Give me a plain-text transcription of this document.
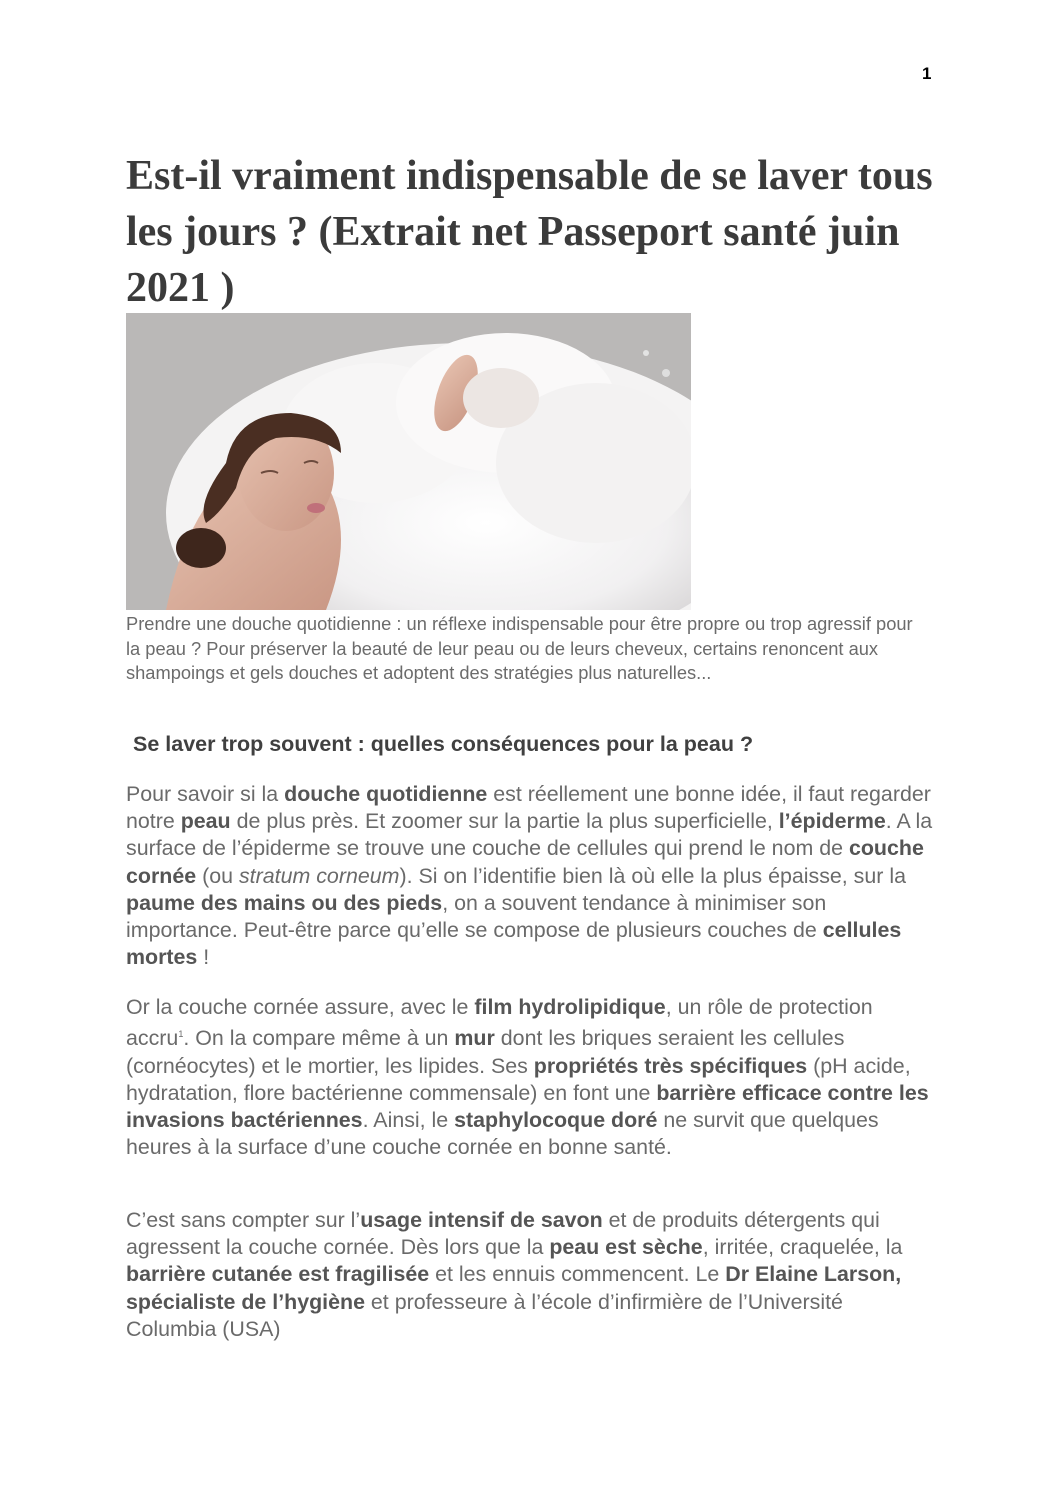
1
Est-il vraiment indispensable de se laver tous les jours ? (Extrait net Passeport santé juin 2021 )

Prendre une douche quotidienne : un réflexe indispensable pour être propre ou trop agressif pour la peau ? Pour préserver la beauté de leur peau ou de leurs cheveux, certains renoncent aux shampoings et gels douches et adoptent des stratégies plus naturelles...

Se laver trop souvent : quelles conséquences pour la peau ?

Pour savoir si la douche quotidienne est réellement une bonne idée, il faut regarder notre peau de plus près. Et zoomer sur la partie la plus superficielle, l’épiderme. A la surface de l’épiderme se trouve une couche de cellules qui prend le nom de couche cornée (ou stratum corneum). Si on l’identifie bien là où elle la plus épaisse, sur la paume des mains ou des pieds, on a souvent tendance à minimiser son importance. Peut-être parce qu’elle se compose de plusieurs couches de cellules mortes !

Or la couche cornée assure, avec le film hydrolipidique, un rôle de protection accru$^1$. On la compare même à un mur dont les briques seraient les cellules (cornéocytes) et le mortier, les lipides. Ses propriétés très spécifiques (pH acide, hydratation, flore bactérienne commensale) en font une barrière efficace contre les invasions bactériennes. Ainsi, le staphylocoque doré ne survit que quelques heures à la surface d’une couche cornée en bonne santé.

C’est sans compter sur l’usage intensif de savon et de produits détergents qui agressent la couche cornée. Dès lors que la peau est sèche, irritée, craquelée, la barrière cutanée est fragilisée et les ennuis commencent. Le Dr Elaine Larson, spécialiste de l’hygiène et professeure à l’école d’infirmière de l’Université Columbia (USA)
